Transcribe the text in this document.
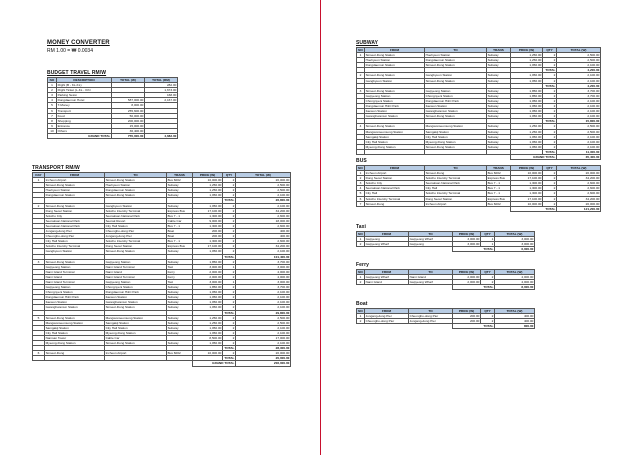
MONEY CONVERTER
RM 1.00 = ₩ 0.0034
BUDGET TRAVEL RM/W
NO	DESCRIPTION	TOTAL (W)	TOTAL (RM)
1	Flight (B - KL-KL)		282.00
2	Flight Ticket (L-KL - ICN		1,673.00
3	Parking Seton		168.00
4	Dongdaemun Hotel	587,000.00	2,167.00
5	T-Money	8,000.00	
6	Transport	255,600.00	
7	Food	50,000.00	
8	Shopping	200,000.00	
9	Entrance	15,000.00	
10	Others	36,400.00	
GRAND TOTAL		755,000.00	4,682.00
TRANSPORT RM/W
DAY	FROM	TO	TRANS	PRICE (W)	QTY	TOTAL (W)
1	Incheon Airport	Sinseol-Dong Station	Bus 6002	10,000.00	2	20,000.00
	Sinseol-Dong Station	Hoehyeon Station	Subway	1,250.00	2	2,500.00
	Hoehyeon Station	Dongdaemun Station	Subway	1,250.00	2	2,500.00
	Dongdaemun Station	Sinseol-Dong Station	Subway	1,050.00	2	2,100.00
					TOTAL	26,800.00
2	Sinseol-Dong Station	Gangbyeon Station	Subway	1,050.00	2	2,100.00
	Dong Seoul Station	Sokcho Intercity Terminal	Express Bus	17,100.00	2	34,200.00
	Sokcho City	Seoraksan National Park	Bus 7 - 1	1,300.00	2	2,600.00
	Seoraksan National Park	Seorak Resort	Cable Car	9,000.00	2	18,000.00
	Seoraksan National Park	City Hall Station	Bus 7 - 1	1,300.00	2	2,600.00
	Jungang-dong Pier	Cheongho-dong Pier	Boat	200.00	2	400.00
	Cheongho-dong Pier	Jungang-dong Pier	Boat	200.00	2	400.00
	City Hall Station	Sokcho Intercity Terminal	Bus 7 - 1	1,300.00	2	2,600.00
	Sokcho Intercity Terminal	Dong Seoul Station	Express Bus	17,100.00	2	34,200.00
	Gangbyeon Station	Sinseol-Dong Station	Subway	1,050.00	2	2,100.00
					TOTAL	101,400.00
3	Sinseol-Dong Station	Gapyeong Station	Subway	1,850.00	2	3,700.00
	Gapyeong Station	Nami Island Terminal	Taxi	3,000.00	1	3,000.00
	Nami Island Terminal	Nami Island	Ferry	2,000.00	2	4,000.00
	Nami Island	Nami Island Terminal	Ferry	2,000.00	2	4,000.00
	Nami Island Terminal	Gapyeong Station	Taxi	3,000.00	1	3,000.00
	Gapyeong Station	Chongnyeni Station	Subway	1,850.00	2	3,700.00
	Chongnyeni Station	Dongdaemun H&C Park	Subway	1,050.00	2	2,100.00
	Dongdaemun H&C Park	Itaewon Station	Subway	1,050.00	2	2,100.00
	Itaewon Station	Gwanghwamun Station	Subway	1,050.00	2	2,100.00
	Gwanghwamun Station	Sinseol-Dong Station	Subway	1,050.00	2	2,100.00
					TOTAL	29,800.00
5	Sinseol-Dong Station	Mangwonseonsong Station	Subway	1,250.00	2	2,500.00
	Mangwonseonsong Station	Samgakji Station	Subway	1,250.00	2	2,500.00
	Samgakji Station	City Hall Station	Subway	1,050.00	2	2,100.00
	City Hall Station	Myeong-Dong Station	Subway	1,050.00	2	2,100.00
	Namsan Tower	Cable Car		8,500.00	2	17,000.00
	Myeong-Dong Station	Sinseol-Dong Station	Subway	1,050.00	2	2,100.00
					TOTAL	28,300.00
6	Sinseol-Dong	Incheon Airport	Bus 6002	10,000.00	2	20,000.00
					TOTAL	20,000.00
				GRAND TOTAL		206,000.00
SUBWAY
NO	FROM	TO	TRANS	PRICE (W)	QTY	TOTAL (W)
1	Sinseol-Dong Station	Hoehyeon Station	Subway	1,250.00	2	2,500.00
	Hoehyeon Station	Dongdaemun Station	Subway	1,250.00	2	2,500.00
	Dongdaemun Station	Sinseol-Dong Station	Subway	1,050.00	2	2,100.00
					TOTAL	4,200.00
2	Sinseol-Dong Station	Gangbyeon Station	Subway	1,050.00	2	2,100.00
	Gangbyeon Station	Sinseol-Dong Station	Subway	1,050.00	2	2,100.00
					TOTAL	4,200.00
3	Sinseol-Dong Station	Gapyeong Station	Subway	1,850.00	2	3,700.00
	Gapyeong Station	Chongnyeni Station	Subway	1,850.00	2	3,700.00
	Chongnyeni Station	Dongdaemun H&C Park	Subway	1,050.00	2	2,100.00
	Dongdaemun H&C Park	Itaewon Station	Subway	1,050.00	2	2,100.00
	Itaewon Station	Gwanghwamun Station	Subway	1,050.00	2	2,100.00
	Gwanghwamun Station	Sinseol-Dong Station	Subway	1,050.00	2	2,100.00
					TOTAL	15,800.00
4	Sinseol-Dong Station	Mangwonseonsong Station	Subway	1,250.00	2	2,500.00
	Mangwonseonsong Station	Samgakji Station	Subway	1,250.00	2	2,500.00
	Samgakji Station	City Hall Station	Subway	1,050.00	2	2,100.00
	City Hall Station	Myeong-Dong Station	Subway	1,050.00	2	2,100.00
	Myeong-Dong Station	Sinseol-Dong Station	Subway	1,050.00	2	2,100.00
					TOTAL	11,300.00
				GRAND TOTAL		35,400.00
BUS
NO	FROM	TO	TRANS	PRICE (W)	QTY	TOTAL (W)
1	Incheon Airport	Sinseol-Dong	Bus 6002	10,000.00	2	20,000.00
2	Dong Seoul Station	Sokcho Intercity Terminal	Express Bus	17,100.00	2	34,200.00
3	Sokcho City	Seoraksan National Park	Bus 7 - 1	1,300.00	2	2,600.00
4	Seoraksan National Park	City Hall	Bus 7 - 1	1,300.00	2	2,600.00
5	City Hall	Sokcho Intercity Terminal	Bus 7 - 1	1,300.00	2	2,600.00
6	Sokcho Intercity Terminal	Dong Seoul Station	Express Bus	17,100.00	2	34,200.00
7	Sinseol-Dong	Incheon Airport	Bus 6002	10,000.00	2	20,000.00
				TOTAL		121,200.00
Taxi
NO	FROM	TO	PRICE (W)	QTY	TOTAL (W)
1	Gapyeong	Gapyeong Wharf	3,000.00	1	3,000.00
2	Gapyeong Wharf	Gapyeong	3,000.00	1	3,000.00
			TOTAL		6,000.00
Ferry
NO	FROM	TO	PRICE (W)	QTY	TOTAL (W)
1	Gapyeong Wharf	Nami Island	2,000.00	2	4,000.00
2	Nami Island	Gapyeong Wharf	2,000.00	2	4,000.00
			TOTAL		8,000.00
Boat
NO	FROM	TO	PRICE (W)	QTY	TOTAL (W)
1	Jungang-dong Pier	Cheongho-dong Pier	200.00	2	400.00
2	Cheongho-dong Pier	Jungang-dong Pier	200.00	2	400.00
			TOTAL		800.00
